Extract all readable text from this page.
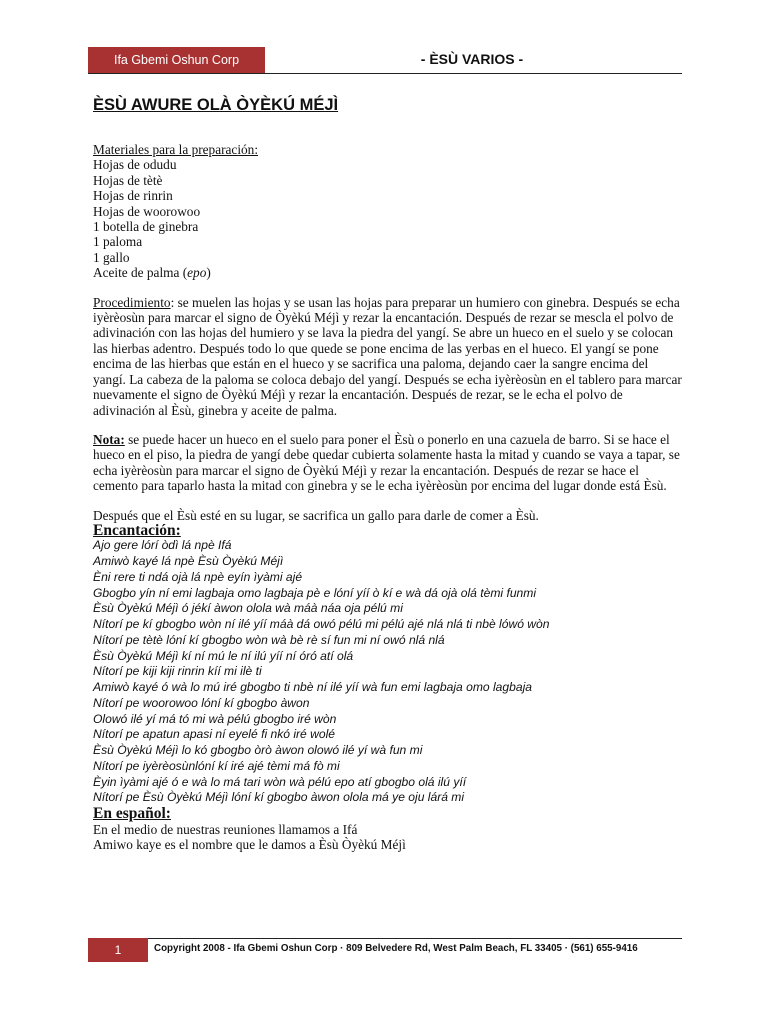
Ifa Gbemi Oshun Corp	- ÈSÙ VARIOS -
ÈSÙ AWURE OLÀ ÒYÈKÚ MÉJÌ

Materiales para la preparación:

Hojas de odudu

Hojas de tètè

Hojas de rinrin

Hojas de woorowoo

1 botella de ginebra

1 paloma

1 gallo

Aceite de palma (epo)

Procedimiento: se muelen las hojas y se usan las hojas para preparar un humiero con ginebra. Después se echa iyèrèosùn para marcar el signo de Òyèkú Méjì y rezar la encantación. Después de rezar se mescla el polvo de adivinación con las hojas del humiero y se lava la piedra del yangí. Se abre un hueco en el suelo y se colocan las hierbas adentro. Después todo lo que quede se pone encima de las yerbas en el hueco. El yangí se pone encima de las hierbas que están en el hueco y se sacrifica una paloma, dejando caer la sangre encima del yangí. La cabeza de la paloma se coloca debajo del yangí. Después se echa iyèrèosùn en el tablero para marcar nuevamente el signo de Òyèkú Méjì y rezar la encantación. Después de rezar, se le echa el polvo de adivinación al Èsù, ginebra y aceite de palma.

Nota: se puede hacer un hueco en el suelo para poner el Èsù o ponerlo en una cazuela de barro. Si se hace el hueco en el piso, la piedra de yangí debe quedar cubierta solamente hasta la mitad y cuando se vaya a tapar, se echa iyèrèosùn para marcar el signo de Òyèkú Méjì y rezar la encantación. Después de rezar se hace el cemento para taparlo hasta la mitad con ginebra y se le echa iyèrèosùn por encima del lugar donde está Èsù.

Después que el Èsù esté en su lugar, se sacrifica un gallo para darle de comer a Èsù.

Encantación:

Ajo gere lórí òdì lá npè Ifá

Amiwò kayé lá npè Èsù Òyèkú Méjì

Èni rere ti ndá ojà lá npè eyín ìyàmi ajé

Gbogbo yín ní emi lagbaja omo lagbaja pè e lóní yíí ò kí e wà dá ojà olá tèmi funmi

Èsù Òyèkú Méjì ó jékí àwon olola wà máà náa oja pélú mi

Nítorí pe kí gbogbo wòn ní ilé yíí máà dá owó pélú mi pélú ajé nlá nlá ti nbè lówó wòn

Nítorí pe tètè lóní kí gbogbo wòn wà bè rè sí fun mi ní owó nlá nlá

Èsù Òyèkú Méjì kí ní mú le ní ilú yíí ní óró atí olá

Nítorí pe kiji kiji rinrin kíí mi ilè ti

Amiwò kayé ó wà lo mú iré gbogbo ti nbè ní ilé yíí wà fun emi lagbaja omo lagbaja

Nítorí pe woorowoo lóní kí gbogbo àwon

Olowó ilé yí má tó mi wà pélú gbogbo iré wòn

Nítorí pe apatun apasi ní eyelé fi nkó iré wolé

Èsù Òyèkú Méjì lo kó gbogbo òrò àwon olowó ilé yí wà fun mi

Nítorí pe iyèrèosùnlóní kí iré ajé tèmi má fò mi

Èyin ìyàmi ajé ó e wà lo má tari wòn wà pélú epo atí gbogbo olá ilú yíí

Nítorí pe Èsù Òyèkú Méjì lóní kí gbogbo àwon olola má ye oju lárá mi

En español:

En el medio de nuestras reuniones llamamos a Ifá

Amiwo kaye es el nombre que le damos a Èsù Òyèkú Méjì

1	Copyright 2008 - Ifa Gbemi Oshun Corp · 809 Belvedere Rd, West Palm Beach, FL 33405 · (561) 655-9416
